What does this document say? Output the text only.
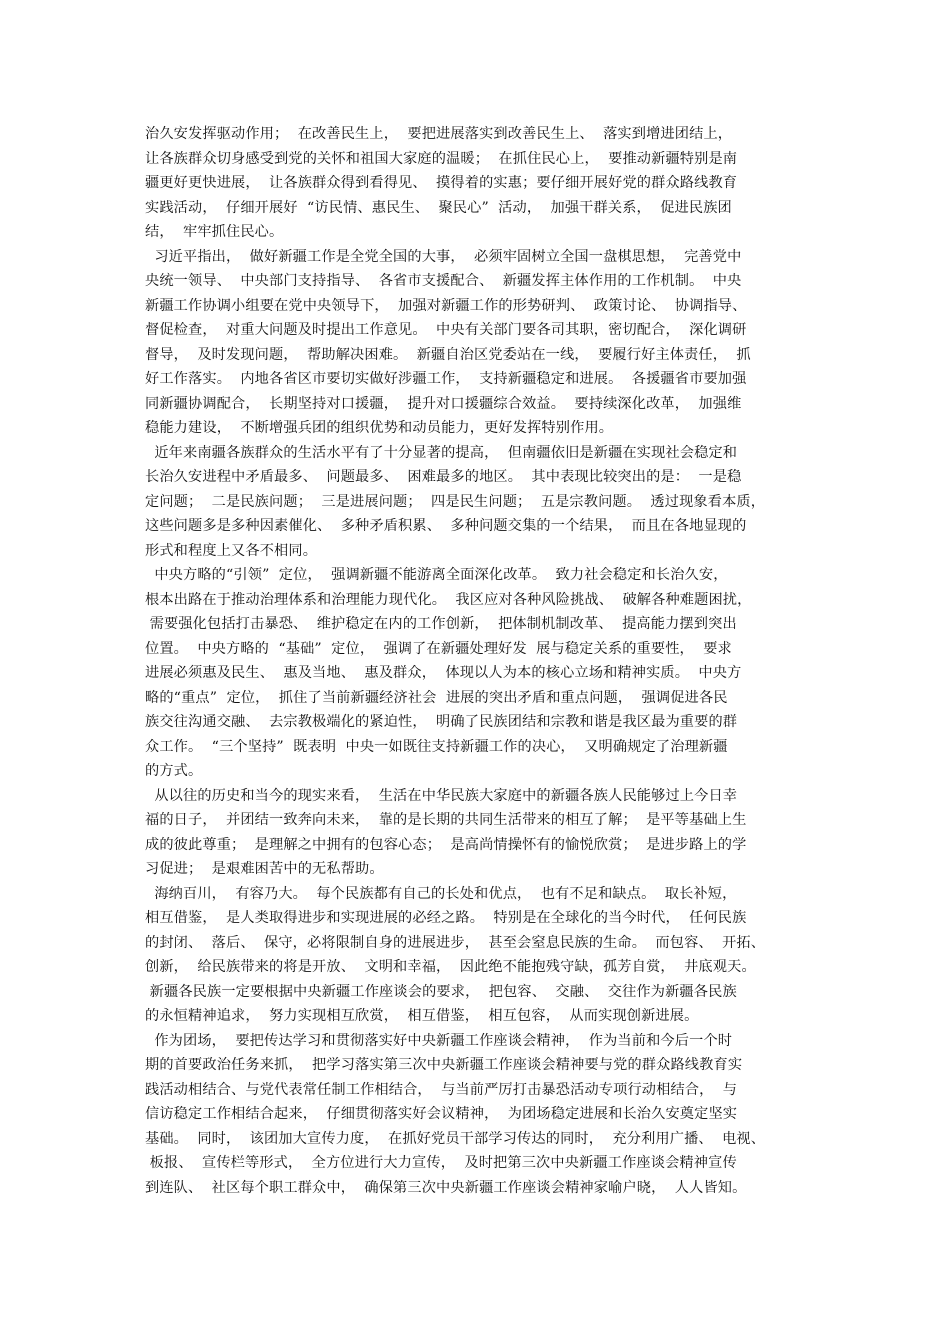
治久安发挥驱动作用；  在改善民生上，  要把进展落实到改善民生上、  落实到增进团结上，
让各族群众切身感受到党的关怀和祖国大家庭的温暖；  在抓住民心上，  要推动新疆特别是南
疆更好更快进展，  让各族群众得到看得见、  摸得着的实惠；要仔细开展好党的群众路线教育
实践活动，  仔细开展好  “访民情、惠民生、  聚民心”  活动，  加强干群关系，  促进民族团
结，  牢牢抓住民心。
习近平指出，  做好新疆工作是全党全国的大事，  必须牢固树立全国一盘棋思想，  完善党中
央统一领导、  中央部门支持指导、  各省市支援配合、  新疆发挥主体作用的工作机制。  中央
新疆工作协调小组要在党中央领导下，  加强对新疆工作的形势研判、  政策讨论、  协调指导、
督促检查，  对重大问题及时提出工作意见。  中央有关部门要各司其职，密切配合，  深化调研
督导，  及时发现问题，  帮助解决困难。  新疆自治区党委站在一线，  要履行好主体责任，  抓
好工作落实。  内地各省区市要切实做好涉疆工作，  支持新疆稳定和进展。  各援疆省市要加强
同新疆协调配合，  长期坚持对口援疆，  提升对口援疆综合效益。  要持续深化改革，  加强维
稳能力建设，  不断增强兵团的组织优势和动员能力，更好发挥特别作用。
近年来南疆各族群众的生活水平有了十分显著的提高，  但南疆依旧是新疆在实现社会稳定和
长治久安进程中矛盾最多、  问题最多、  困难最多的地区。  其中表现比较突出的是：  一是稳
定问题；  二是民族问题；  三是进展问题；  四是民生问题；  五是宗教问题。  透过现象看本质，
这些问题多是多种因素催化、  多种矛盾积累、  多种问题交集的一个结果，  而且在各地显现的
形式和程度上又各不相同。
中央方略的“引领”  定位，  强调新疆不能游离全面深化改革。  致力社会稳定和长治久安，
根本出路在于推动治理体系和治理能力现代化。  我区应对各种风险挑战、  破解各种难题困扰，
需要强化包括打击暴恐、  维护稳定在内的工作创新，  把体制机制改革、  提高能力摆到突出
位置。  中央方略的  “基础”  定位，  强调了在新疆处理好发  展与稳定关系的重要性，  要求
进展必须惠及民生、  惠及当地、  惠及群众，  体现以人为本的核心立场和精神实质。  中央方
略的“重点”  定位，  抓住了当前新疆经济社会  进展的突出矛盾和重点问题，  强调促进各民
族交往沟通交融、  去宗教极端化的紧迫性，  明确了民族团结和宗教和谐是我区最为重要的群
众工作。  “三个坚持”  既表明  中央一如既往支持新疆工作的决心，  又明确规定了治理新疆
的方式。
从以往的历史和当今的现实来看，  生活在中华民族大家庭中的新疆各族人民能够过上今日幸
福的日子，  并团结一致奔向未来，  靠的是长期的共同生活带来的相互了解；  是平等基础上生
成的彼此尊重；  是理解之中拥有的包容心态；  是高尚情操怀有的愉悦欣赏；  是进步路上的学
习促进；  是艰难困苦中的无私帮助。
海纳百川，  有容乃大。  每个民族都有自己的长处和优点，  也有不足和缺点。  取长补短，
相互借鉴，  是人类取得进步和实现进展的必经之路。  特别是在全球化的当今时代，  任何民族
的封闭、  落后、  保守，必将限制自身的进展进步，  甚至会窒息民族的生命。  而包容、  开拓、
创新，  给民族带来的将是开放、  文明和幸福，  因此绝不能抱残守缺，孤芳自赏，  井底观天。
新疆各民族一定要根据中央新疆工作座谈会的要求，  把包容、  交融、  交往作为新疆各民族
的永恒精神追求，  努力实现相互欣赏，  相互借鉴，  相互包容，  从而实现创新进展。
作为团场，  要把传达学习和贯彻落实好中央新疆工作座谈会精神，  作为当前和今后一个时
期的首要政治任务来抓，  把学习落实第三次中央新疆工作座谈会精神要与党的群众路线教育实
践活动相结合、与党代表常任制工作相结合，  与当前严厉打击暴恐活动专项行动相结合，  与
信访稳定工作相结合起来，  仔细贯彻落实好会议精神，  为团场稳定进展和长治久安奠定坚实
基础。  同时，  该团加大宣传力度，  在抓好党员干部学习传达的同时，  充分利用广播、  电视、
板报、  宣传栏等形式，  全方位进行大力宣传，  及时把第三次中央新疆工作座谈会精神宣传
到连队、  社区每个职工群众中，  确保第三次中央新疆工作座谈会精神家喻户晓，  人人皆知。
